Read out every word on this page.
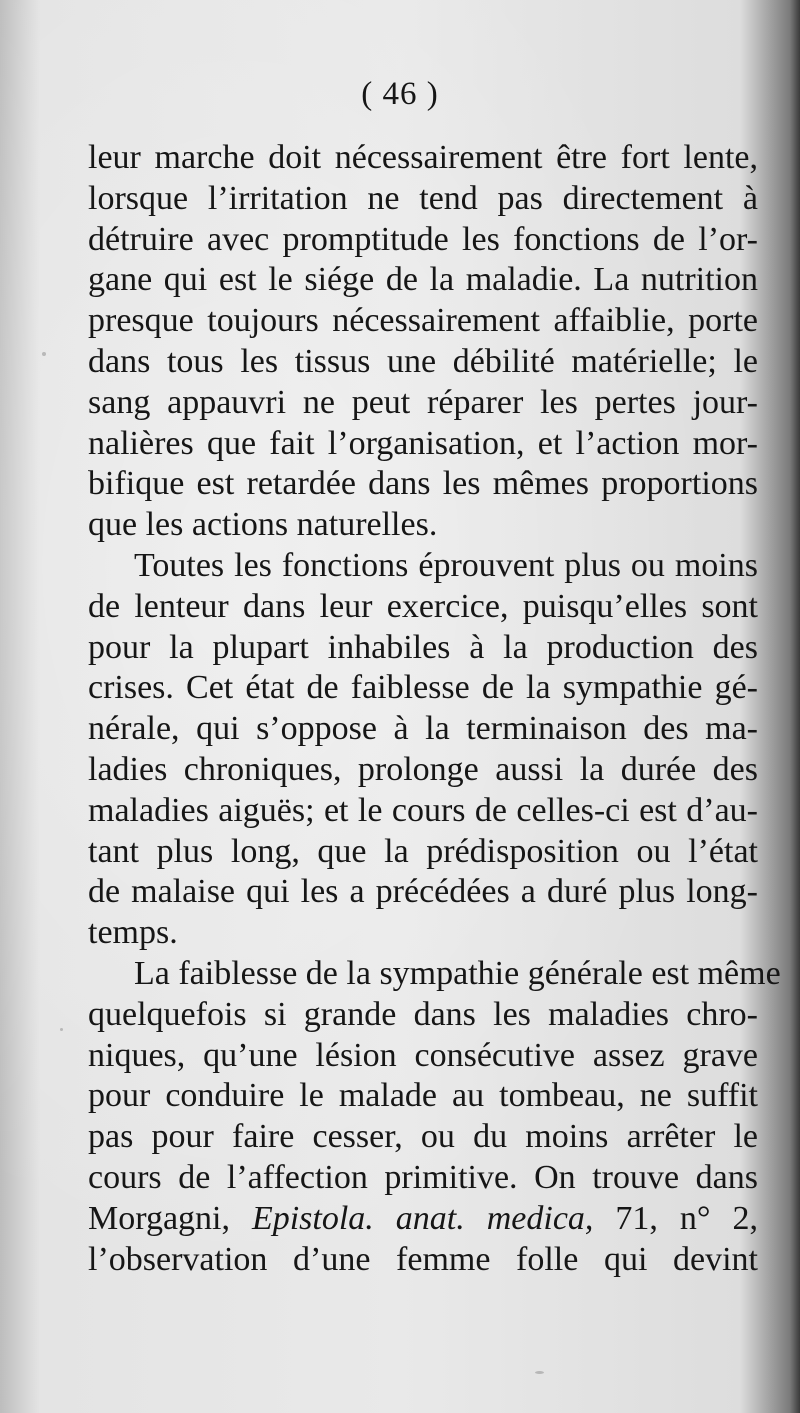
( 46 )

leur marche doit nécessairement être fort lente,
lorsque l’irritation ne tend pas directement à
détruire avec promptitude les fonctions de l’or-
gane qui est le siége de la maladie. La nutrition
presque toujours nécessairement affaiblie, porte
dans tous les tissus une débilité matérielle; le
sang appauvri ne peut réparer les pertes jour-
nalières que fait l’organisation, et l’action mor-
bifique est retardée dans les mêmes proportions
que les actions naturelles.

Toutes les fonctions éprouvent plus ou moins
de lenteur dans leur exercice, puisqu’elles sont
pour la plupart inhabiles à la production des
crises. Cet état de faiblesse de la sympathie gé-
nérale, qui s’oppose à la terminaison des ma-
ladies chroniques, prolonge aussi la durée des
maladies aiguës; et le cours de celles-ci est d’au-
tant plus long, que la prédisposition ou l’état
de malaise qui les a précédées a duré plus long-
temps.

La faiblesse de la sympathie générale est même
quelquefois si grande dans les maladies chro-
niques, qu’une lésion consécutive assez grave
pour conduire le malade au tombeau, ne suffit
pas pour faire cesser, ou du moins arrêter le
cours de l’affection primitive. On trouve dans
Morgagni, Epistola. anat. medica, 71, n° 2,
l’observation d’une femme folle qui devint
